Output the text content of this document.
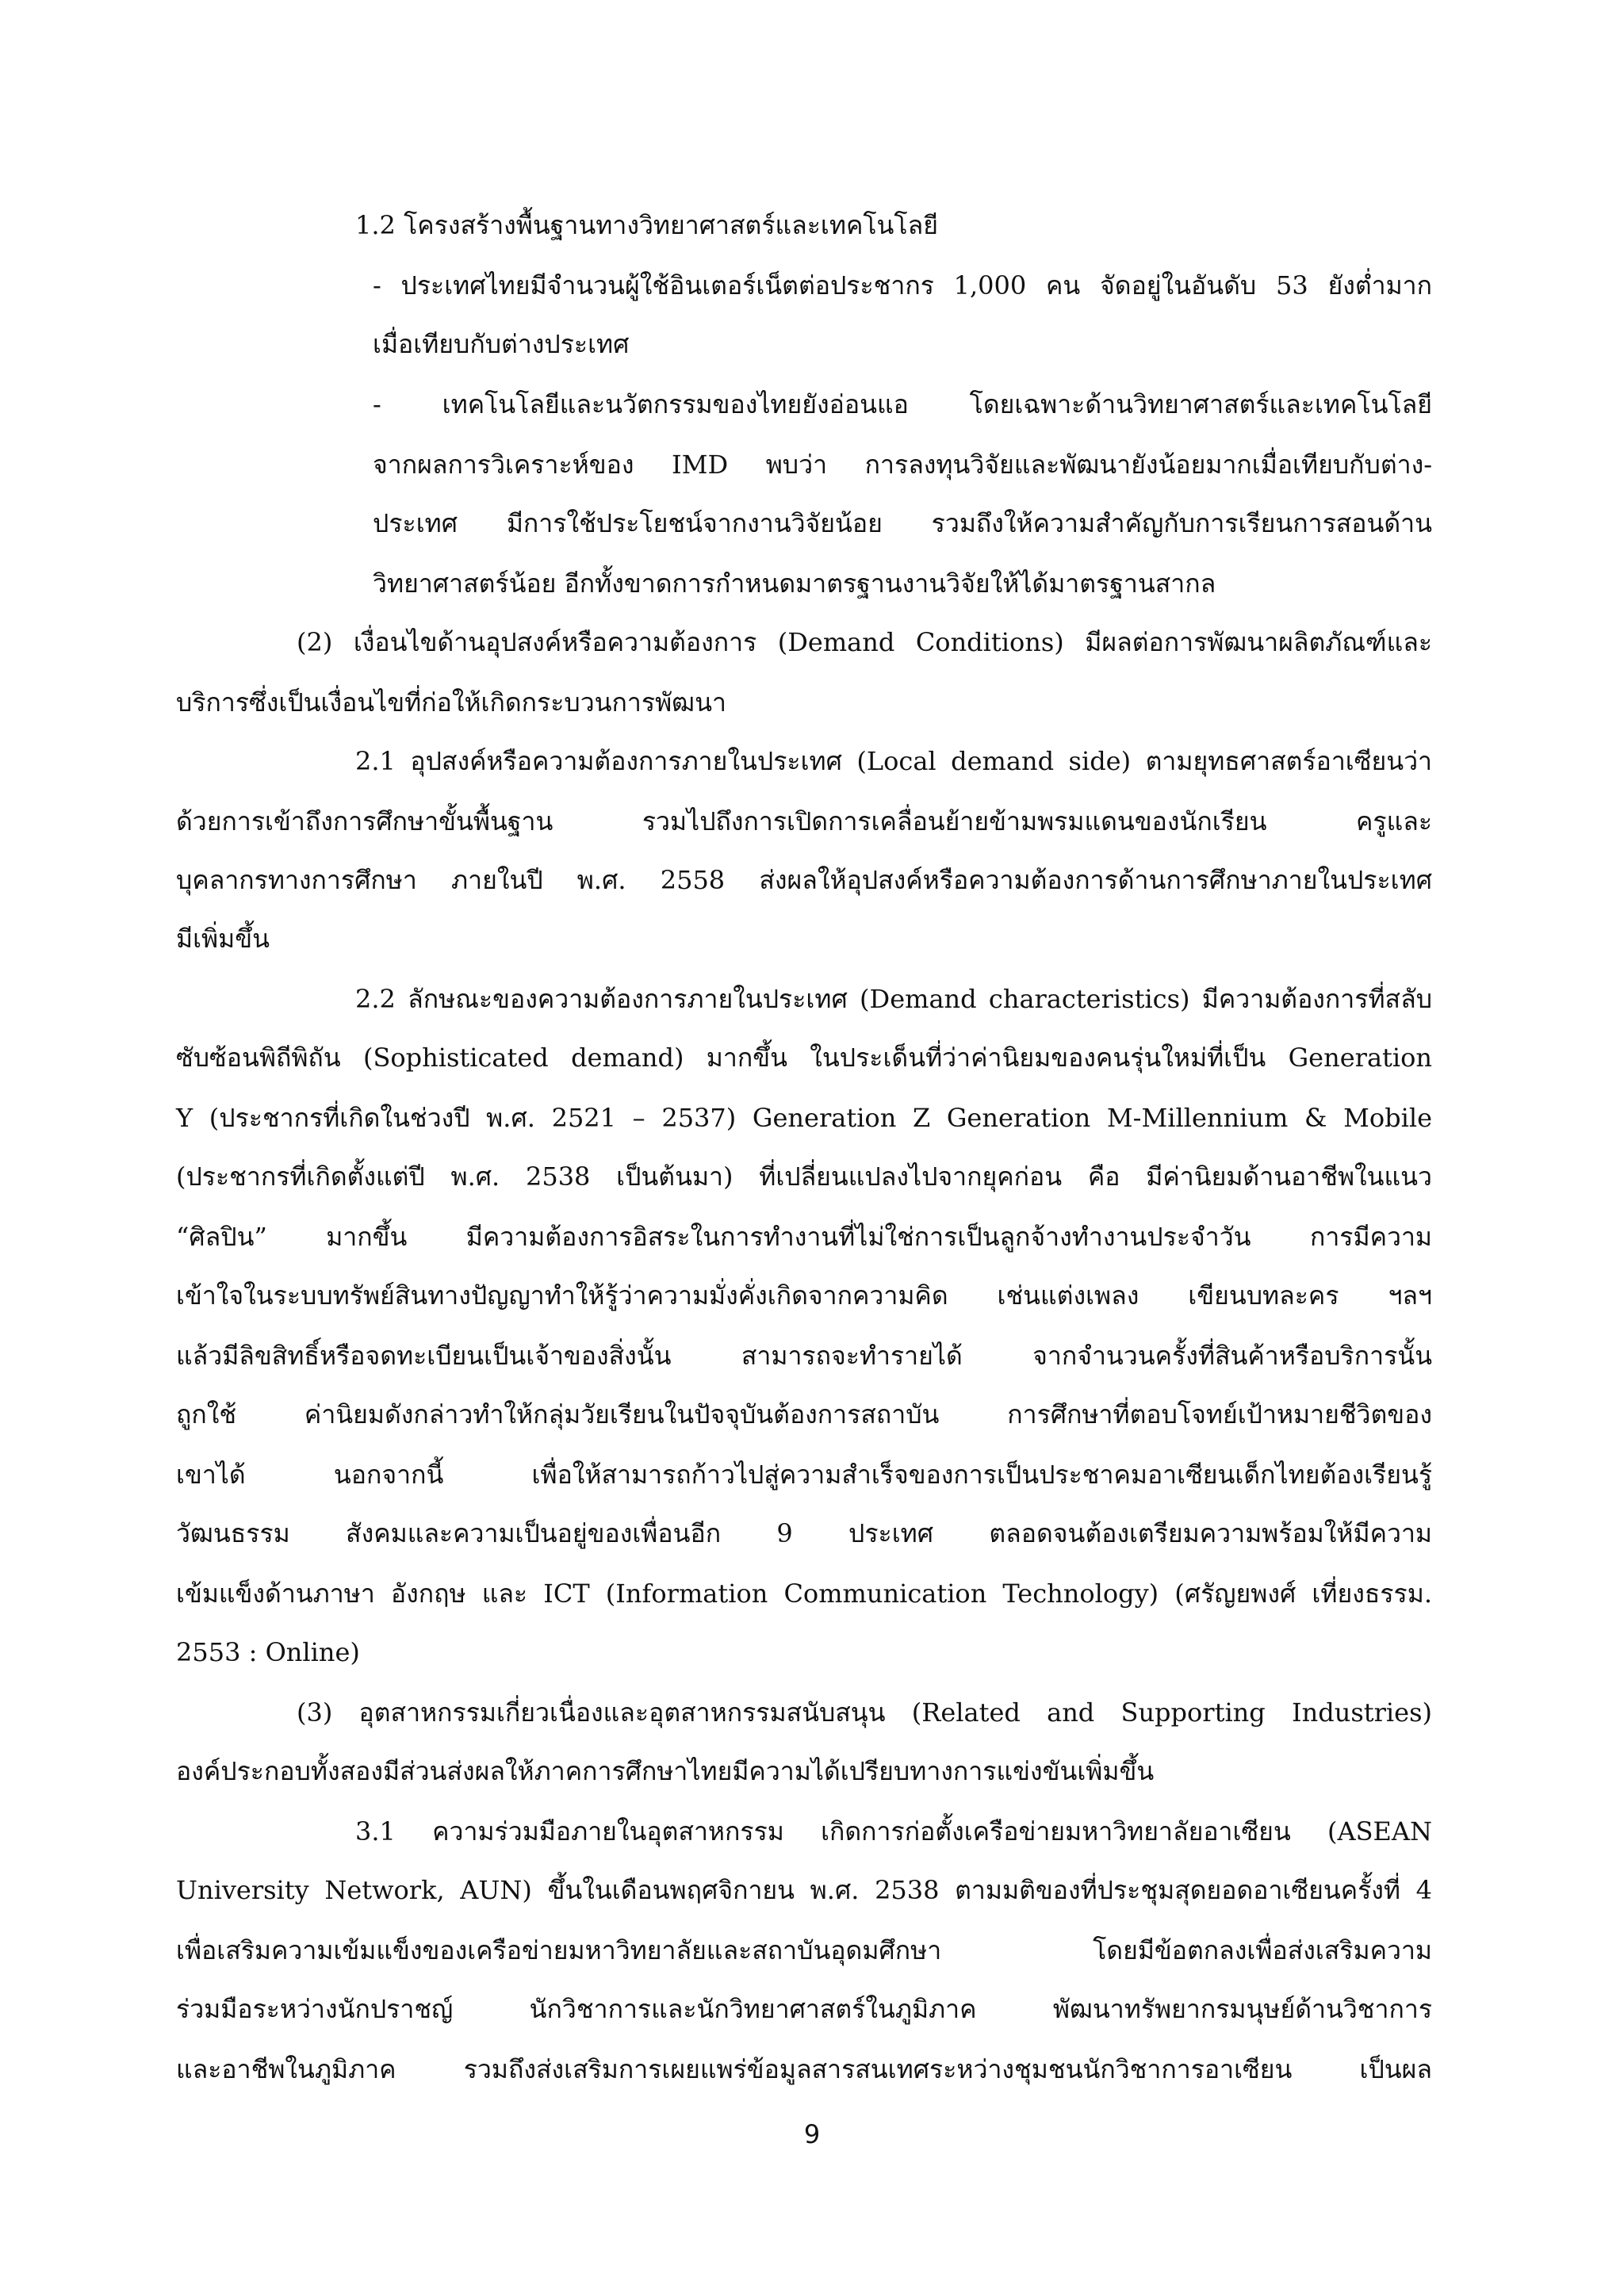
1.2 โครงสร้างพื้นฐานทางวิทยาศาสตร์และเทคโนโลยี

- ประเทศไทยมีจำนวนผู้ใช้อินเตอร์เน็ตต่อประชากร 1,000 คน จัดอยู่ในอันดับ 53 ยังต่ำมาก

เมื่อเทียบกับต่างประเทศ

- เทคโนโลยีและนวัตกรรมของไทยยังอ่อนแอ โดยเฉพาะด้านวิทยาศาสตร์และเทคโนโลยี

จากผลการวิเคราะห์ของ IMD พบว่า การลงทุนวิจัยและพัฒนายังน้อยมากเมื่อเทียบกับต่าง-

ประเทศ มีการใช้ประโยชน์จากงานวิจัยน้อย รวมถึงให้ความสำคัญกับการเรียนการสอนด้าน

วิทยาศาสตร์น้อย อีกทั้งขาดการกำหนดมาตรฐานงานวิจัยให้ได้มาตรฐานสากล

(2) เงื่อนไขด้านอุปสงค์หรือความต้องการ (Demand Conditions) มีผลต่อการพัฒนาผลิตภัณฑ์และ

บริการซึ่งเป็นเงื่อนไขที่ก่อให้เกิดกระบวนการพัฒนา

2.1 อุปสงค์หรือความต้องการภายในประเทศ (Local demand side) ตามยุทธศาสตร์อาเซียนว่า

ด้วยการเข้าถึงการศึกษาขั้นพื้นฐาน รวมไปถึงการเปิดการเคลื่อนย้ายข้ามพรมแดนของนักเรียน ครูและ

บุคลากรทางการศึกษา ภายในปี พ.ศ. 2558 ส่งผลให้อุปสงค์หรือความต้องการด้านการศึกษาภายในประเทศ

มีเพิ่มขึ้น

2.2 ลักษณะของความต้องการภายในประเทศ (Demand characteristics) มีความต้องการที่สลับ

ซับซ้อนพิถีพิถัน (Sophisticated demand) มากขึ้น ในประเด็นที่ว่าค่านิยมของคนรุ่นใหม่ที่เป็น Generation

Y (ประชากรที่เกิดในช่วงปี พ.ศ. 2521 – 2537) Generation Z Generation M-Millennium & Mobile

(ประชากรที่เกิดตั้งแต่ปี พ.ศ. 2538 เป็นต้นมา) ที่เปลี่ยนแปลงไปจากยุคก่อน คือ มีค่านิยมด้านอาชีพในแนว

“ศิลปิน” มากขึ้น มีความต้องการอิสระในการทำงานที่ไม่ใช่การเป็นลูกจ้างทำงานประจำวัน การมีความ

เข้าใจในระบบทรัพย์สินทางปัญญาทำให้รู้ว่าความมั่งคั่งเกิดจากความคิด เช่นแต่งเพลง เขียนบทละคร ฯลฯ

แล้วมีลิขสิทธิ์หรือจดทะเบียนเป็นเจ้าของสิ่งนั้น สามารถจะทำรายได้ จากจำนวนครั้งที่สินค้าหรือบริการนั้น

ถูกใช้ ค่านิยมดังกล่าวทำให้กลุ่มวัยเรียนในปัจจุบันต้องการสถาบัน การศึกษาที่ตอบโจทย์เป้าหมายชีวิตของ

เขาได้ นอกจากนี้ เพื่อให้สามารถก้าวไปสู่ความสำเร็จของการเป็นประชาคมอาเซียนเด็กไทยต้องเรียนรู้

วัฒนธรรม สังคมและความเป็นอยู่ของเพื่อนอีก 9 ประเทศ ตลอดจนต้องเตรียมความพร้อมให้มีความ

เข้มแข็งด้านภาษา อังกฤษ และ ICT (Information Communication Technology) (ศรัญยพงศ์ เที่ยงธรรม.

2553 : Online)

(3) อุตสาหกรรมเกี่ยวเนื่องและอุตสาหกรรมสนับสนุน (Related and Supporting Industries)

องค์ประกอบทั้งสองมีส่วนส่งผลให้ภาคการศึกษาไทยมีความได้เปรียบทางการแข่งขันเพิ่มขึ้น

3.1 ความร่วมมือภายในอุตสาหกรรม เกิดการก่อตั้งเครือข่ายมหาวิทยาลัยอาเซียน (ASEAN

University Network, AUN) ขึ้นในเดือนพฤศจิกายน พ.ศ. 2538 ตามมติของที่ประชุมสุดยอดอาเซียนครั้งที่ 4

เพื่อเสริมความเข้มแข็งของเครือข่ายมหาวิทยาลัยและสถาบันอุดมศึกษา โดยมีข้อตกลงเพื่อส่งเสริมความ

ร่วมมือระหว่างนักปราชญ์ นักวิชาการและนักวิทยาศาสตร์ในภูมิภาค พัฒนาทรัพยากรมนุษย์ด้านวิชาการ

และอาชีพในภูมิภาค รวมถึงส่งเสริมการเผยแพร่ข้อมูลสารสนเทศระหว่างชุมชนนักวิชาการอาเซียน เป็นผล

9
